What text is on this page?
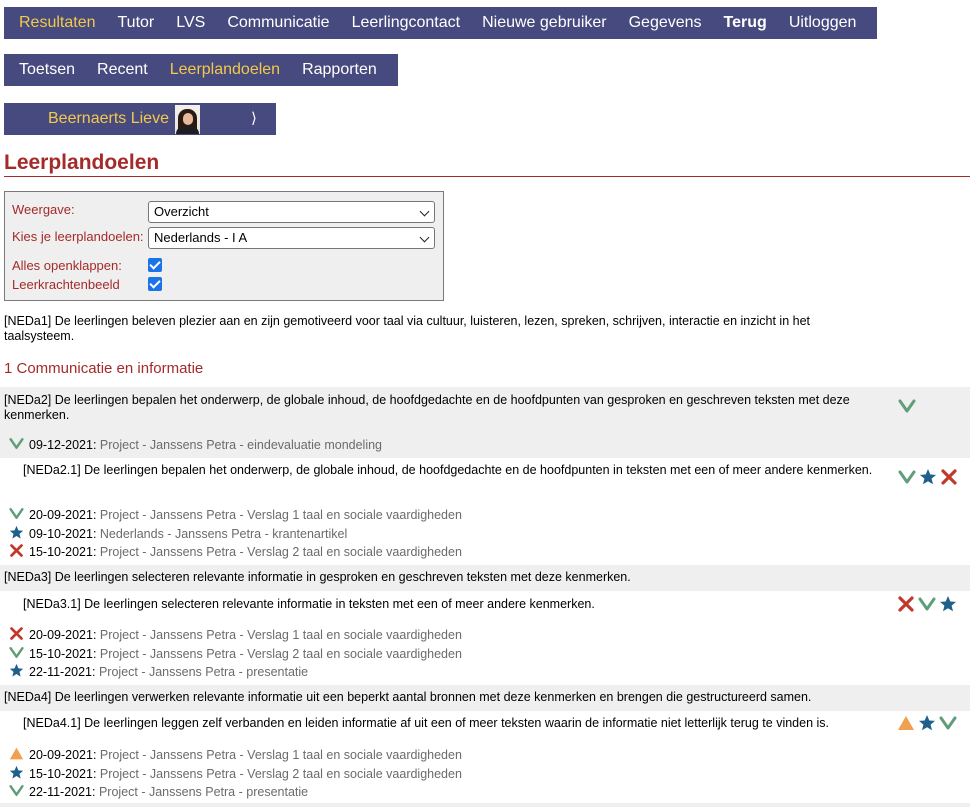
Resultaten	Tutor	LVS	Communicatie	Leerlingcontact	Nieuwe gebruiker	Gegevens	Terug	Uitloggen
Toetsen	Recent	Leerplandoelen	Rapporten
Beernaerts Lieve	⟩
Leerplandoelen
Weergave:	Overzicht
Kies je leerplandoelen: Nederlands - I A
Alles openklappen:
Leerkrachtenbeeld
[NEDa1] De leerlingen beleven plezier aan en zijn gemotiveerd voor taal via cultuur, luisteren, lezen, spreken, schrijven, interactie en inzicht in het taalsysteem.
1 Communicatie en informatie
[NEDa2] De leerlingen bepalen het onderwerp, de globale inhoud, de hoofdgedachte en de hoofdpunten van gesproken en geschreven teksten met deze kenmerken.
09-12-2021: Project - Janssens Petra - eindevaluatie mondeling
[NEDa2.1] De leerlingen bepalen het onderwerp, de globale inhoud, de hoofdgedachte en de hoofdpunten in teksten met een of meer andere kenmerken.
20-09-2021: Project - Janssens Petra - Verslag 1 taal en sociale vaardigheden
09-10-2021: Nederlands - Janssens Petra - krantenartikel
15-10-2021: Project - Janssens Petra - Verslag 2 taal en sociale vaardigheden
[NEDa3] De leerlingen selecteren relevante informatie in gesproken en geschreven teksten met deze kenmerken.
[NEDa3.1] De leerlingen selecteren relevante informatie in teksten met een of meer andere kenmerken.
20-09-2021: Project - Janssens Petra - Verslag 1 taal en sociale vaardigheden
15-10-2021: Project - Janssens Petra - Verslag 2 taal en sociale vaardigheden
22-11-2021: Project - Janssens Petra - presentatie
[NEDa4] De leerlingen verwerken relevante informatie uit een beperkt aantal bronnen met deze kenmerken en brengen die gestructureerd samen.
[NEDa4.1] De leerlingen leggen zelf verbanden en leiden informatie af uit een of meer teksten waarin de informatie niet letterlijk terug te vinden is.
20-09-2021: Project - Janssens Petra - Verslag 1 taal en sociale vaardigheden
15-10-2021: Project - Janssens Petra - Verslag 2 taal en sociale vaardigheden
22-11-2021: Project - Janssens Petra - presentatie
